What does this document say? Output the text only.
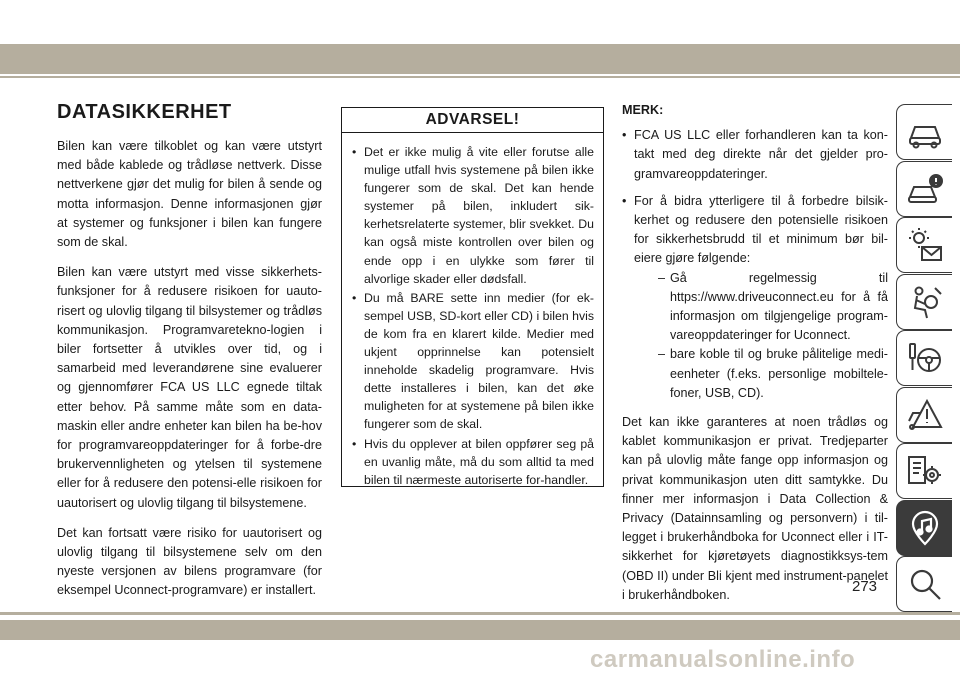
DATASIKKERHET

Bilen kan være tilkoblet og kan være utstyrt med både kablede og trådløse nettverk. Disse nettverkene gjør det mulig for bilen å sende og motta informasjon. Denne informasjonen gjør at systemer og funksjoner i bilen kan fungere som de skal.

Bilen kan være utstyrt med visse sikkerhets-funksjoner for å redusere risikoen for uauto-risert og ulovlig tilgang til bilsystemer og trådløs kommunikasjon. Programvaretekno-logien i biler fortsetter å utvikles over tid, og i samarbeid med leverandørene sine evaluerer og gjennomfører FCA US LLC egnede tiltak etter behov. På samme måte som en data-maskin eller andre enheter kan bilen ha be-hov for programvareoppdateringer for å forbe-dre brukervennligheten og ytelsen til systemene eller for å redusere den potensi-elle risikoen for uautorisert og ulovlig tilgang til bilsystemene.

Det kan fortsatt være risiko for uautorisert og ulovlig tilgang til bilsystemene selv om den nyeste versjonen av bilens programvare (for eksempel Uconnect-programvare) er installert.

ADVARSEL!
• Det er ikke mulig å vite eller forutse alle mulige utfall hvis systemene på bilen ikke fungerer som de skal. Det kan hende systemer på bilen, inkludert sik-kerhetsrelaterte systemer, blir svekket. Du kan også miste kontrollen over bilen og ende opp i en ulykke som fører til alvorlige skader eller dødsfall.
• Du må BARE sette inn medier (for ek-sempel USB, SD-kort eller CD) i bilen hvis de kom fra en klarert kilde. Medier med ukjent opprinnelse kan potensielt inneholde skadelig programvare. Hvis dette installeres i bilen, kan det øke muligheten for at systemene på bilen ikke fungerer som de skal.
• Hvis du opplever at bilen oppfører seg på en uvanlig måte, må du som alltid ta med bilen til nærmeste autoriserte for-handler.
MERK:
• FCA US LLC eller forhandleren kan ta kon-takt med deg direkte når det gjelder pro-gramvareoppdateringer.
• For å bidra ytterligere til å forbedre bilsik-kerhet og redusere den potensielle risikoen for sikkerhetsbrudd til et minimum bør bil-eiere gjøre følgende:
– Gå regelmessig til https://www.driveuconnect.eu for å få informasjon om tilgjengelige program-vareoppdateringer for Uconnect.
– bare koble til og bruke pålitelige medi-eenheter (f.eks. personlige mobiltele-foner, USB, CD).

Det kan ikke garanteres at noen trådløs og kablet kommunikasjon er privat. Tredjeparter kan på ulovlig måte fange opp informasjon og privat kommunikasjon uten ditt samtykke. Du finner mer informasjon i Data Collection & Privacy (Datainnsamling og personvern) i til-legget i brukerhåndboka for Uconnect eller i IT-sikkerhet for kjøretøyets diagnostikksys-tem (OBD II) under Bli kjent med instrument-panelet i brukerhåndboken.	273
carmanualsonline.info
